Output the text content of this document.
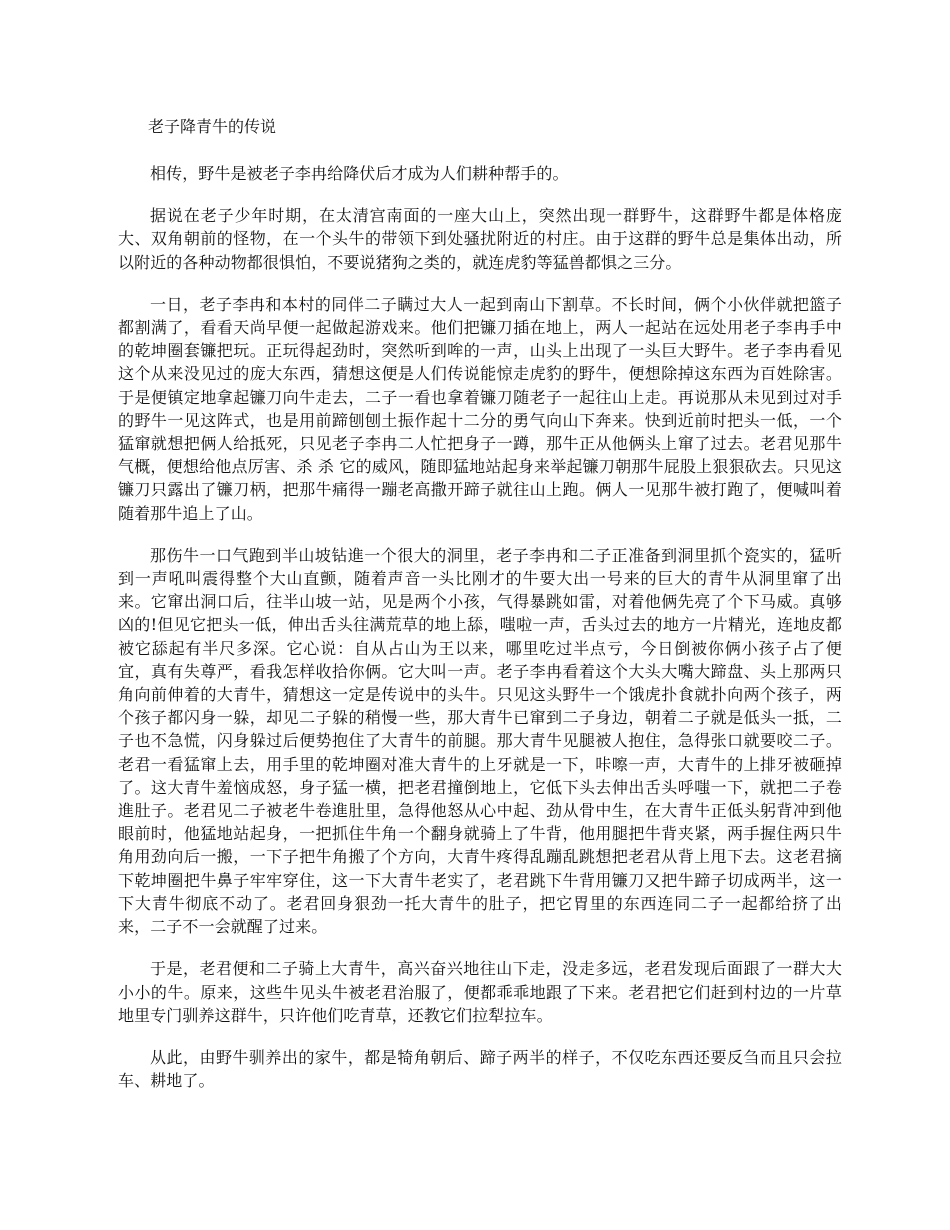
老子降青牛的传说

相传，野牛是被老子李冉给降伏后才成为人们耕种帮手的。

据说在老子少年时期，在太清宫南面的一座大山上，突然出现一群野牛，这群野牛都是体格庞大、双角朝前的怪物，在一个头牛的带领下到处骚扰附近的村庄。由于这群的野牛总是集体出动，所以附近的各种动物都很惧怕，不要说猪狗之类的，就连虎豹等猛兽都惧之三分。

一日，老子李冉和本村的同伴二子瞒过大人一起到南山下割草。不长时间，俩个小伙伴就把篮子都割满了，看看天尚早便一起做起游戏来。他们把镰刀插在地上，两人一起站在远处用老子李冉手中的乾坤圈套镰把玩。正玩得起劲时，突然听到哞的一声，山头上出现了一头巨大野牛。老子李冉看见这个从来没见过的庞大东西，猜想这便是人们传说能惊走虎豹的野牛，便想除掉这东西为百姓除害。于是便镇定地拿起镰刀向牛走去，二子一看也拿着镰刀随老子一起往山上走。再说那从未见到过对手的野牛一见这阵式，也是用前蹄刨刨土振作起十二分的勇气向山下奔来。快到近前时把头一低，一个猛窜就想把俩人给抵死，只见老子李冉二人忙把身子一蹲，那牛正从他俩头上窜了过去。老君见那牛气概，便想给他点厉害、杀 杀 它的威风，随即猛地站起身来举起镰刀朝那牛屁股上狠狠砍去。只见这镰刀只露出了镰刀柄，把那牛痛得一蹦老高撒开蹄子就往山上跑。俩人一见那牛被打跑了，便喊叫着随着那牛追上了山。

那伤牛一口气跑到半山坡钻進一个很大的洞里，老子李冉和二子正准备到洞里抓个瓷实的，猛听到一声吼叫震得整个大山直颤，随着声音一头比刚才的牛要大出一号来的巨大的青牛从洞里窜了出来。它窜出洞口后，往半山坡一站，见是两个小孩，气得暴跳如雷，对着他俩先亮了个下马威。真够凶的!但见它把头一低，伸出舌头往满荒草的地上舔，嗤啦一声，舌头过去的地方一片精光，连地皮都被它舔起有半尺多深。它心说：自从占山为王以来，哪里吃过半点亏，今日倒被你俩小孩子占了便宜，真有失尊严，看我怎样收拾你俩。它大叫一声。老子李冉看着这个大头大嘴大蹄盘、头上那两只角向前伸着的大青牛，猜想这一定是传说中的头牛。只见这头野牛一个饿虎扑食就扑向两个孩子，两个孩子都闪身一躲，却见二子躲的稍慢一些，那大青牛已窜到二子身边，朝着二子就是低头一抵，二子也不急慌，闪身躲过后便势抱住了大青牛的前腿。那大青牛见腿被人抱住，急得张口就要咬二子。老君一看猛窜上去，用手里的乾坤圈对准大青牛的上牙就是一下，咔嚓一声，大青牛的上排牙被砸掉了。这大青牛羞恼成怒，身子猛一横，把老君撞倒地上，它低下头去伸出舌头呼嗤一下，就把二子卷進肚子。老君见二子被老牛卷進肚里，急得他怒从心中起、劲从骨中生，在大青牛正低头躬背冲到他眼前时，他猛地站起身，一把抓住牛角一个翻身就骑上了牛背，他用腿把牛背夹紧，两手握住两只牛角用劲向后一搬，一下子把牛角搬了个方向，大青牛疼得乱蹦乱跳想把老君从背上甩下去。这老君摘下乾坤圈把牛鼻子牢牢穿住，这一下大青牛老实了，老君跳下牛背用镰刀又把牛蹄子切成两半，这一下大青牛彻底不动了。老君回身狠劲一托大青牛的肚子，把它胃里的东西连同二子一起都给挤了出来，二子不一会就醒了过来。

于是，老君便和二子骑上大青牛，高兴奋兴地往山下走，没走多远，老君发现后面跟了一群大大小小的牛。原来，这些牛见头牛被老君治服了，便都乖乖地跟了下来。老君把它们赶到村边的一片草地里专门驯养这群牛，只许他们吃青草，还教它们拉犁拉车。

从此，由野牛驯养出的家牛，都是犄角朝后、蹄子两半的样子，不仅吃东西还要反刍而且只会拉车、耕地了。
